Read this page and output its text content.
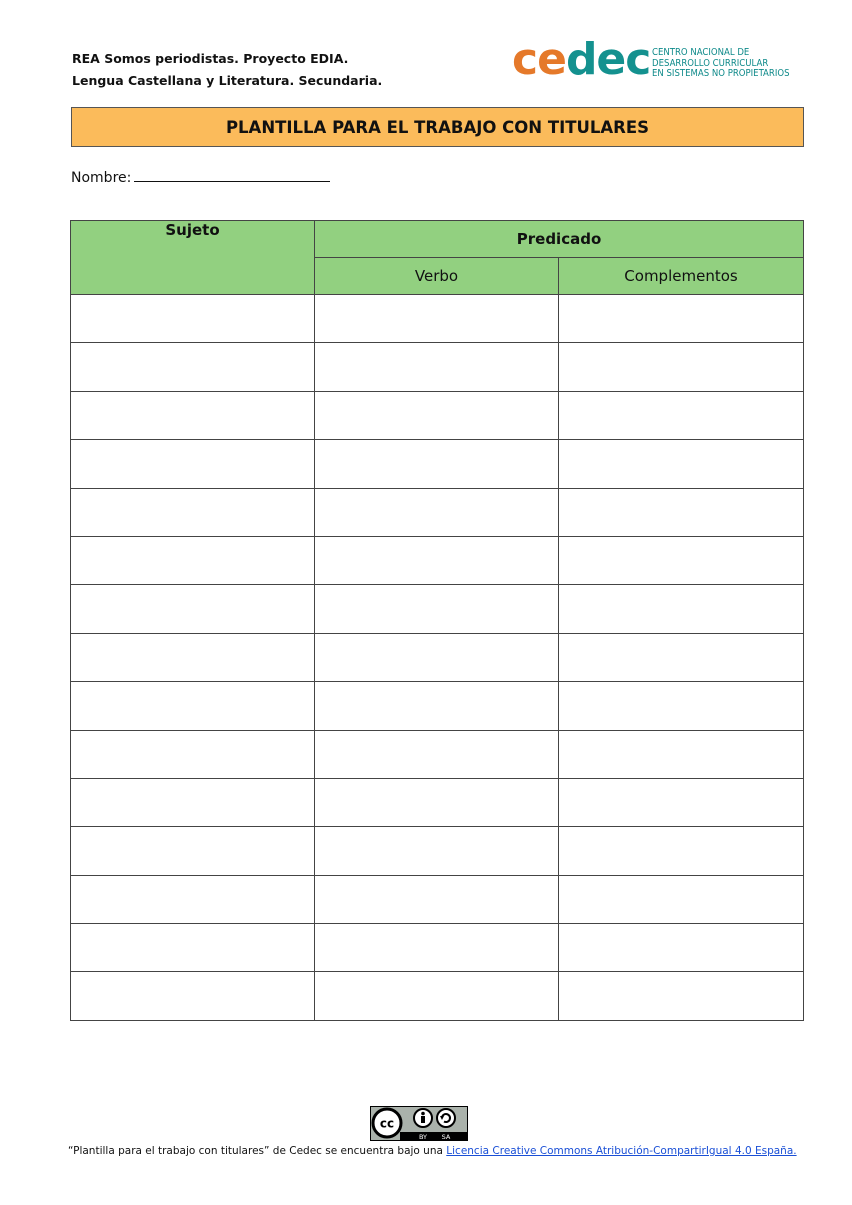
REA Somos periodistas. Proyecto EDIA.
Lengua Castellana y Literatura. Secundaria.	cedec CENTRO NACIONAL DE
DESARROLLO CURRICULAR
EN SISTEMAS NO PROPIETARIOS
PLANTILLA PARA EL TRABAJO CON TITULARES
Nombre:
Sujeto	Predicado	
	Verbo	Complementos

cc
BY SA
“Plantilla para el trabajo con titulares” de Cedec se encuentra bajo una Licencia Creative Commons Atribución-CompartirIgual 4.0 España.
